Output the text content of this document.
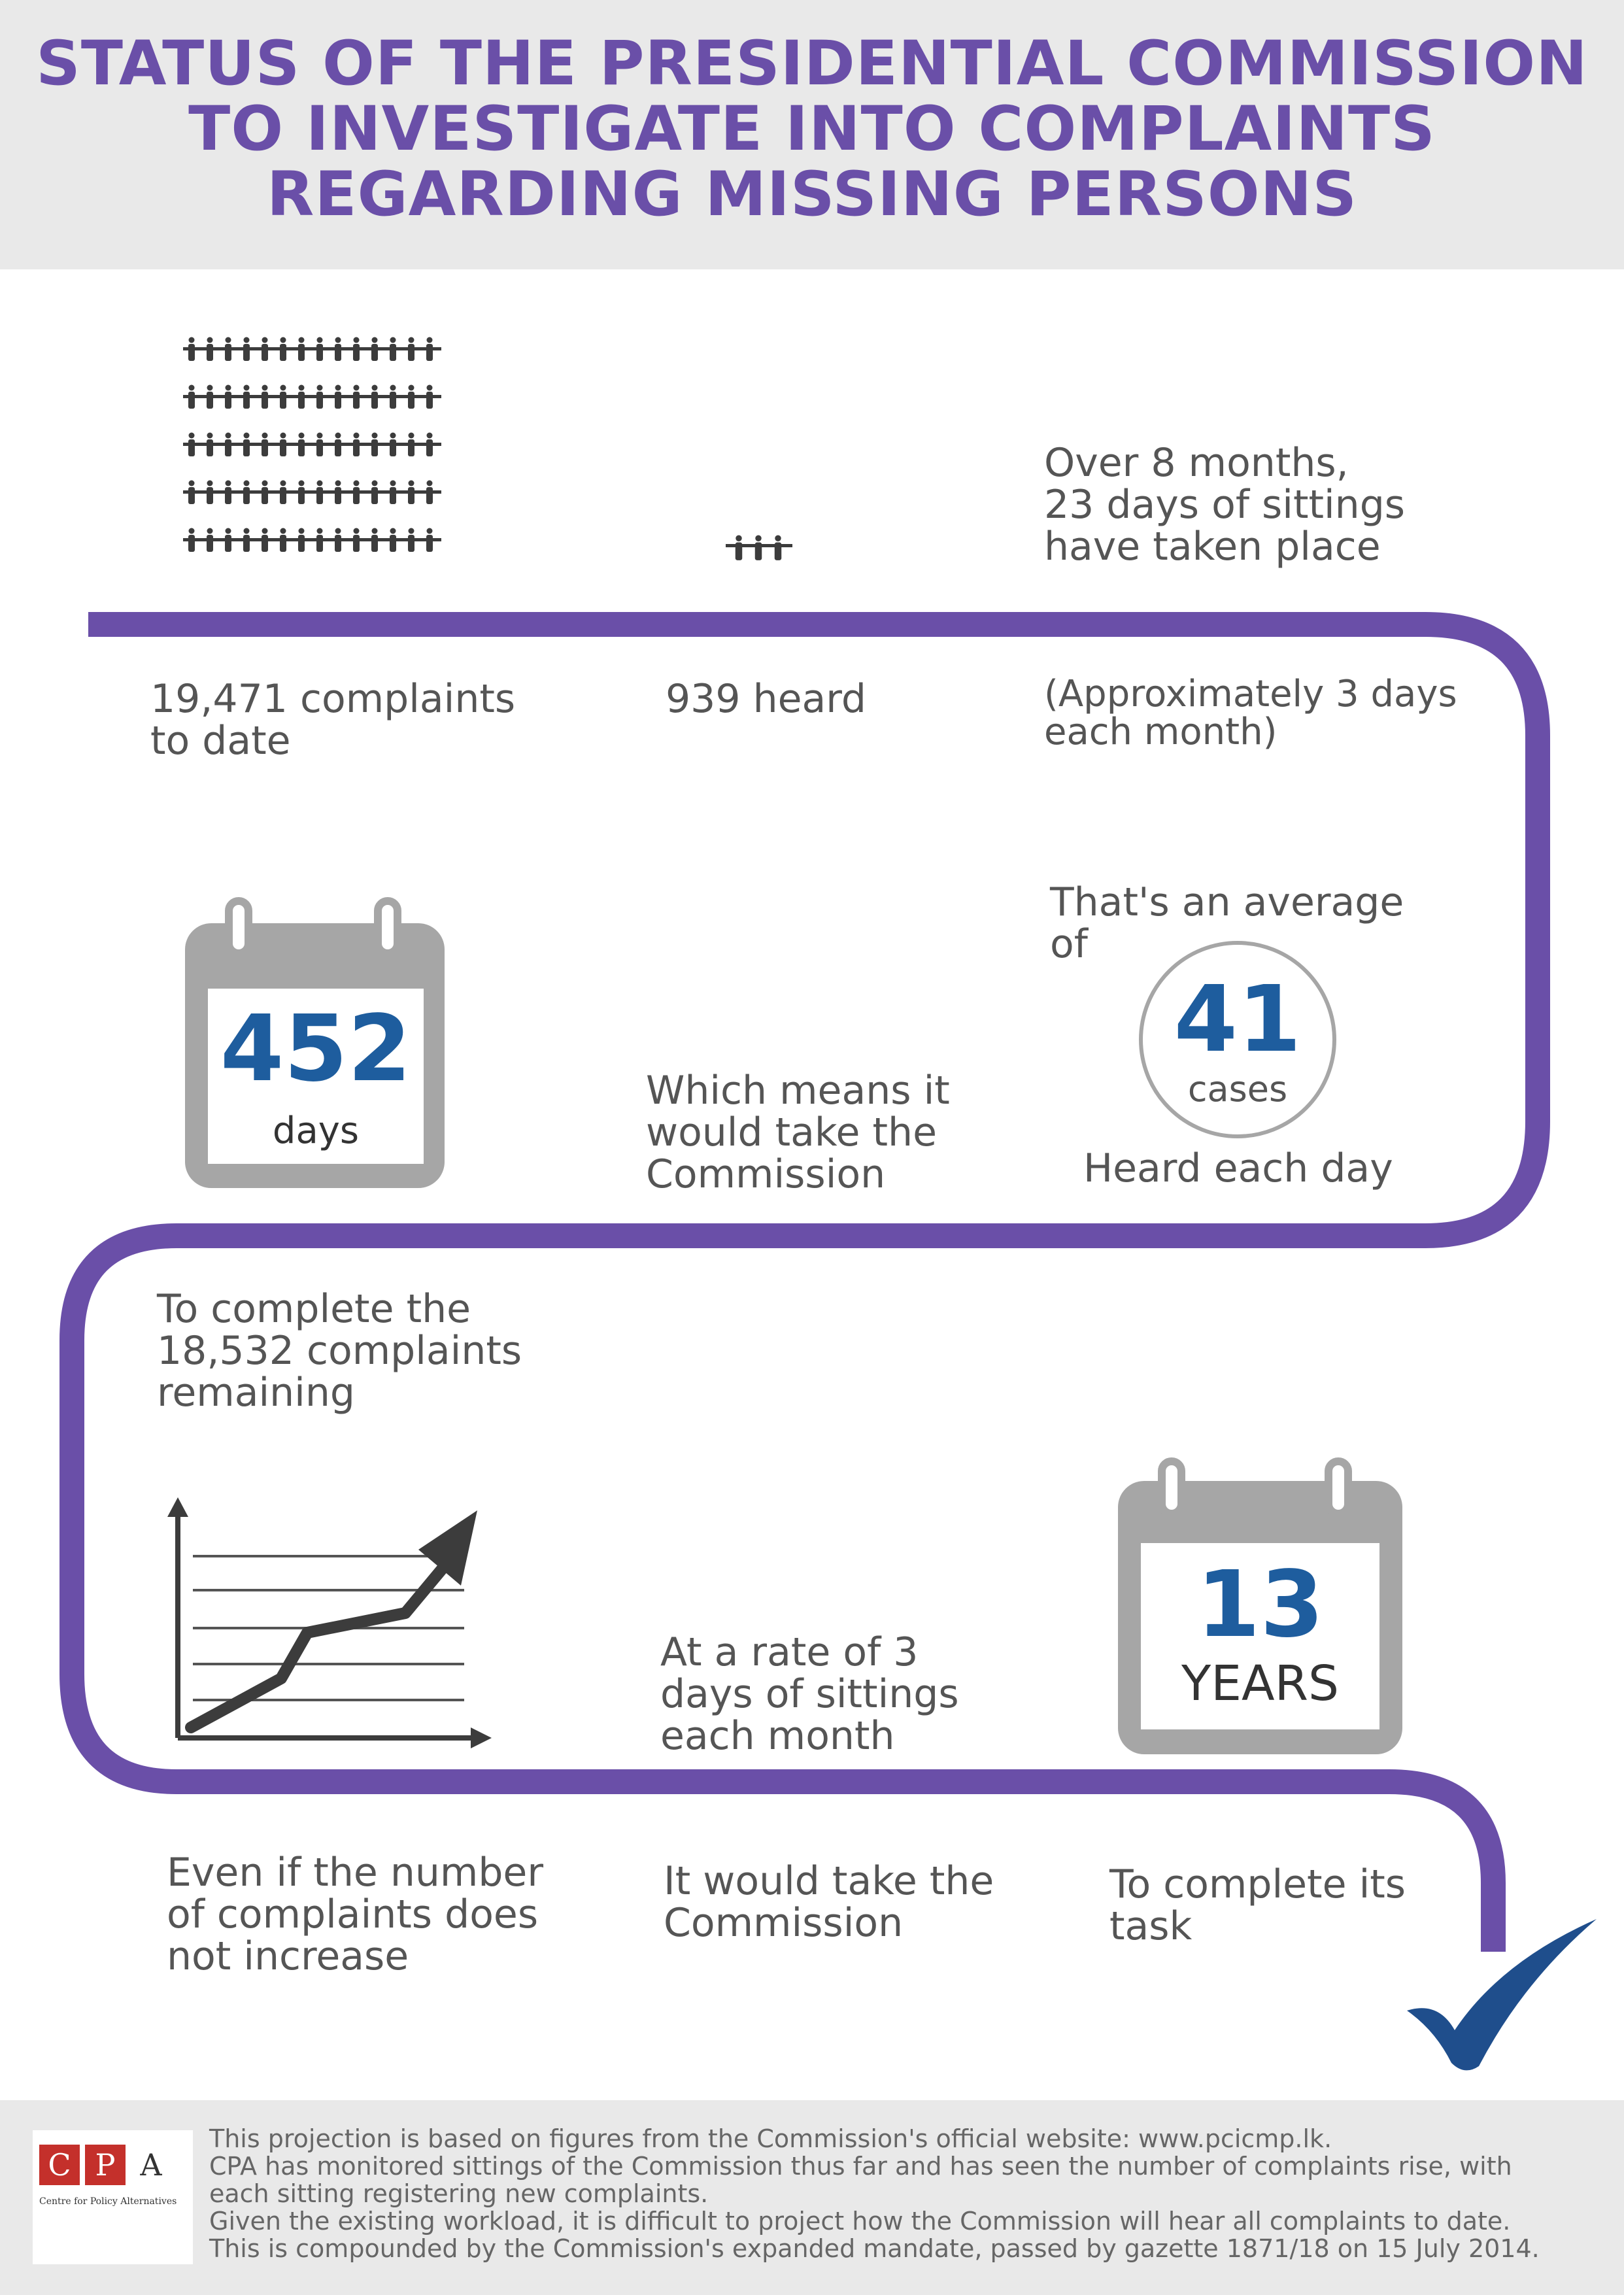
STATUS OF THE PRESIDENTIAL COMMISSION
TO INVESTIGATE INTO COMPLAINTS
REGARDING MISSING PERSONS
Over 8 months,
23 days of sittings
have taken place
19,471 complaints
to date
939 heard	(Approximately 3 days
each month)
452
days
Which means it
would take the
Commission
That's an average of
41
cases
Heard each day
To complete the
18,532 complaints
remaining
At a rate of 3
days of sittings
each month
13
YEARS
Even if the number
of complaints does
not increase
It would take the
Commission
To complete its
task
C P A
Centre for Policy Alternatives
This projection is based on figures from the Commission's official website: www.pcicmp.lk.
CPA has monitored sittings of the Commission thus far and has seen the number of complaints rise, with
each sitting registering new complaints.
Given the existing workload, it is difficult to project how the Commission will hear all complaints to date.
This is compounded by the Commission's expanded mandate, passed by gazette 1871/18 on 15 July 2014.
